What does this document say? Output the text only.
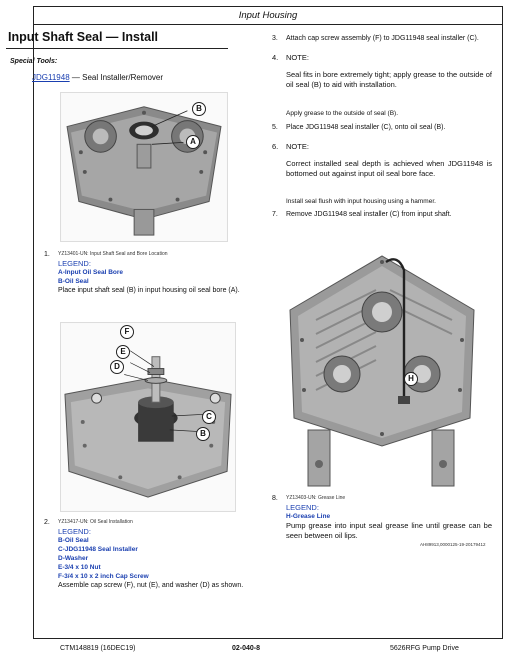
Input Housing
Input Shaft Seal — Install
Special Tools:
JDG11948 — Seal Installer/Remover
B
A
1. YZ13401-UN: Input Shaft Seal and Bore Location
LEGEND:
A-Input Oil Seal Bore
B-Oil Seal
Place input shaft seal (B) in input housing oil seal bore (A).
F
E
D
C
B
2. YZ13417-UN: Oil Seal Installation
LEGEND:
B-Oil Seal
C-JDG11948 Seal Installer
D-Washer
E-3/4 x 10 Nut
F-3/4 x 10 x 2 inch Cap Screw
Assemble cap screw (F), nut (E), and washer (D) as shown.
3. Attach cap screw assembly (F) to JDG11948 seal installer (C).
4. NOTE:
Seal fits in bore extremely tight; apply grease to the outside of oil seal (B) to aid with installation.
Apply grease to the outside of seal (B).
5. Place JDG11948 seal installer (C), onto oil seal (B).
6. NOTE:
Correct installed seal depth is achieved when JDG11948 is bottomed out against input oil seal bore face.
Install seal flush with input housing using a hammer.
7. Remove JDG11948 seal installer (C) from input shaft.
H
8. YZ13403-UN: Grease Line
LEGEND:
H-Grease Line
Pump grease into input seal grease line until grease can be seen between oil lips.
AH89913,0000125-19-20179412
CTM148819 (16DEC19)	02-040-8	5626RFG Pump Drive
